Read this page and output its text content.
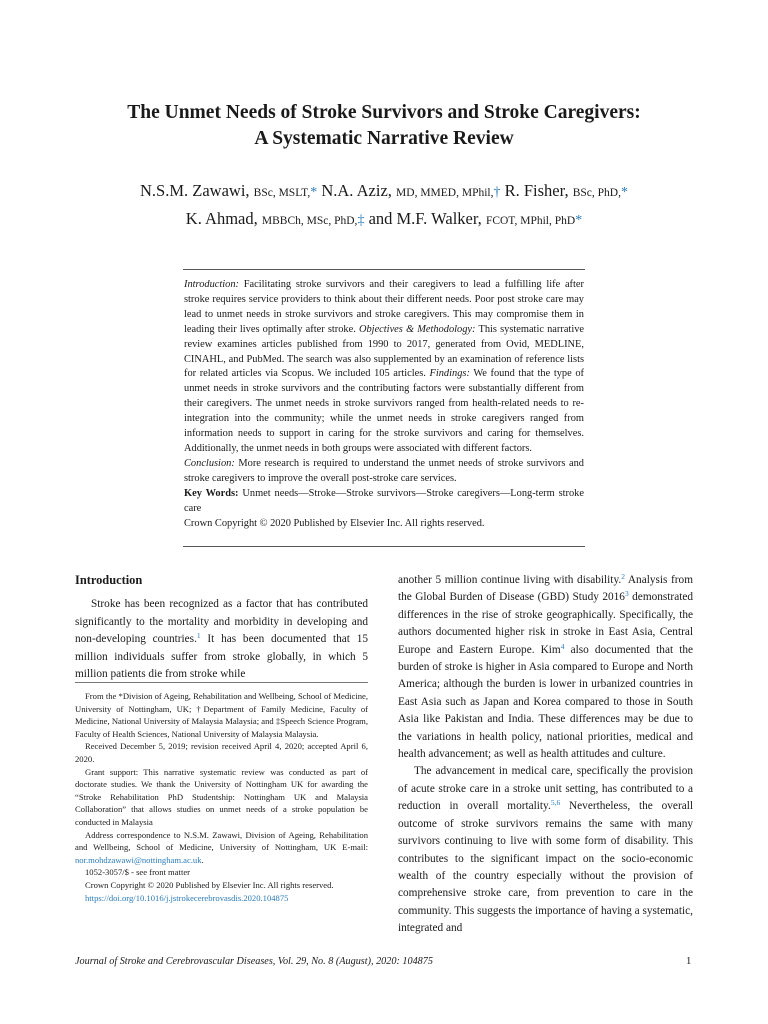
The Unmet Needs of Stroke Survivors and Stroke Caregivers:
A Systematic Narrative Review
N.S.M. Zawawi, BSc, MSLT,* N.A. Aziz, MD, MMED, MPhil,† R. Fisher, BSc, PhD,*
K. Ahmad, MBBCh, MSc, PhD,‡ and M.F. Walker, FCOT, MPhil, PhD*
Introduction: Facilitating stroke survivors and their caregivers to lead a fulfilling life after stroke requires service providers to think about their different needs. Poor post stroke care may lead to unmet needs in stroke survivors and stroke caregivers. This may compromise them in leading their lives optimally after stroke. Objectives & Methodology: This systematic narrative review examines articles published from 1990 to 2017, generated from Ovid, MEDLINE, CINAHL, and PubMed. The search was also supplemented by an examination of reference lists for related articles via Scopus. We included 105 articles. Findings: We found that the type of unmet needs in stroke survivors and the contributing factors were substantially different from their caregivers. The unmet needs in stroke survivors ranged from health-related needs to re-integration into the community; while the unmet needs in stroke caregivers ranged from information needs to support in caring for the stroke survivors and caring for themselves. Additionally, the unmet needs in both groups were associated with different factors.
Conclusion: More research is required to understand the unmet needs of stroke survivors and stroke caregivers to improve the overall post-stroke care services.
Key Words: Unmet needs—Stroke—Stroke survivors—Stroke caregivers—Long-term stroke care
Crown Copyright © 2020 Published by Elsevier Inc. All rights reserved.
Introduction
Stroke has been recognized as a factor that has contributed significantly to the mortality and morbidity in developing and non-developing countries.$^1$ It has been documented that 15 million individuals suffer from stroke globally, in which 5 million patients die from stroke while
From the *Division of Ageing, Rehabilitation and Wellbeing, School of Medicine, University of Nottingham, UK; †Department of Family Medicine, Faculty of Medicine, National University of Malaysia Malaysia; and ‡Speech Science Program, Faculty of Health Sciences, National University of Malaysia Malaysia.
Received December 5, 2019; revision received April 4, 2020; accepted April 6, 2020.
Grant support: This narrative systematic review was conducted as part of doctorate studies. We thank the University of Nottingham UK for awarding the “Stroke Rehabilitation PhD Studentship: Nottingham UK and Malaysia Collaboration” that allows studies on unmet needs of a stroke population be conducted in Malaysia
Address correspondence to N.S.M. Zawawi, Division of Ageing, Rehabilitation and Wellbeing, School of Medicine, University of Nottingham, UK E-mail: nor.mohdzawawi@nottingham.ac.uk.
1052-3057/$ - see front matter
Crown Copyright © 2020 Published by Elsevier Inc. All rights reserved.
https://doi.org/10.1016/j.jstrokecerebrovasdis.2020.104875
another 5 million continue living with disability.$^2$ Analysis from the Global Burden of Disease (GBD) Study 2016$^3$ demonstrated differences in the rise of stroke geographically. Specifically, the authors documented higher risk in stroke in East Asia, Central Europe and Eastern Europe. Kim$^4$ also documented that the burden of stroke is higher in Asia compared to Europe and North America; although the burden is lower in urbanized countries in East Asia such as Japan and Korea compared to those in South Asia like Pakistan and India. These differences may be due to the variations in health policy, national priorities, medical and health advancement; as well as health attitudes and culture.
The advancement in medical care, specifically the provision of acute stroke care in a stroke unit setting, has contributed to a reduction in overall mortality.$^{5,6}$ Nevertheless, the overall outcome of stroke survivors remains the same with many survivors continuing to live with some form of disability. This contributes to the significant impact on the socio-economic wealth of the country especially without the provision of comprehensive stroke care, from prevention to care in the community. This suggests the importance of having a systematic, integrated and
Journal of Stroke and Cerebrovascular Diseases, Vol. 29, No. 8 (August), 2020: 104875	1
